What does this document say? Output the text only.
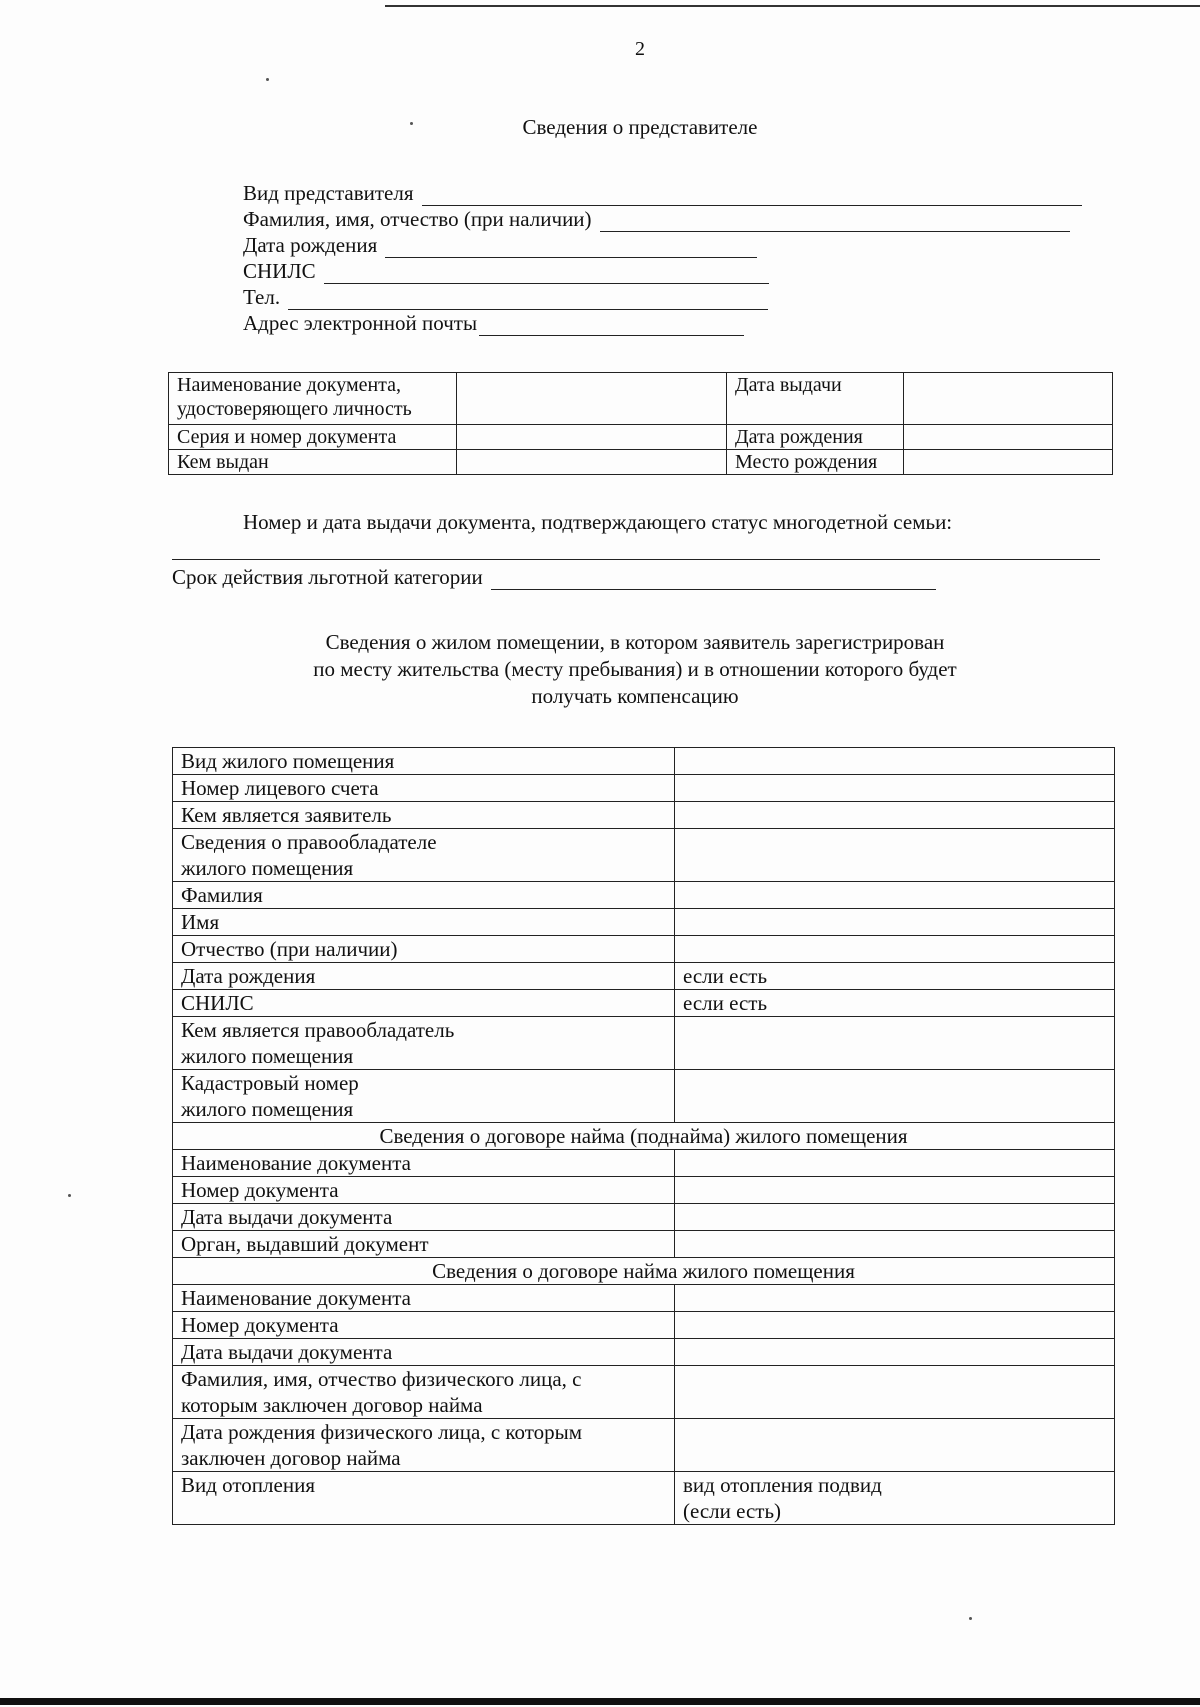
2
Сведения о представителе
Вид представителя
Фамилия, имя, отчество (при наличии)
Дата рождения
СНИЛС
Тел.
Адрес электронной почты
Наименование документа, удостоверяющего личность		Дата выдачи	
Серия и номер документа		Дата рождения	
Кем выдан		Место рождения	
Номер и дата выдачи документа, подтверждающего статус многодетной семьи:
Срок действия льготной категории
Сведения о жилом помещении, в котором заявитель зарегистрирован
по месту жительства (месту пребывания) и в отношении которого будет
получать компенсацию
Вид жилого помещения	
Номер лицевого счета	
Кем является заявитель	
Сведения о правообладателе жилого помещения	
Фамилия	
Имя	
Отчество (при наличии)	
Дата рождения	если есть
СНИЛС	если есть
Кем является правообладатель жилого помещения	
Кадастровый номер жилого помещения	
Сведения о договоре найма (поднайма) жилого помещения	
Наименование документа	
Номер документа	
Дата выдачи документа	
Орган, выдавший документ	
Сведения о договоре найма жилого помещения	
Наименование документа	
Номер документа	
Дата выдачи документа	
Фамилия, имя, отчество физического лица, с которым заключен договор найма	
Дата рождения физического лица, с которым заключен договор найма	
Вид отопления	вид отопления подвид (если есть)
